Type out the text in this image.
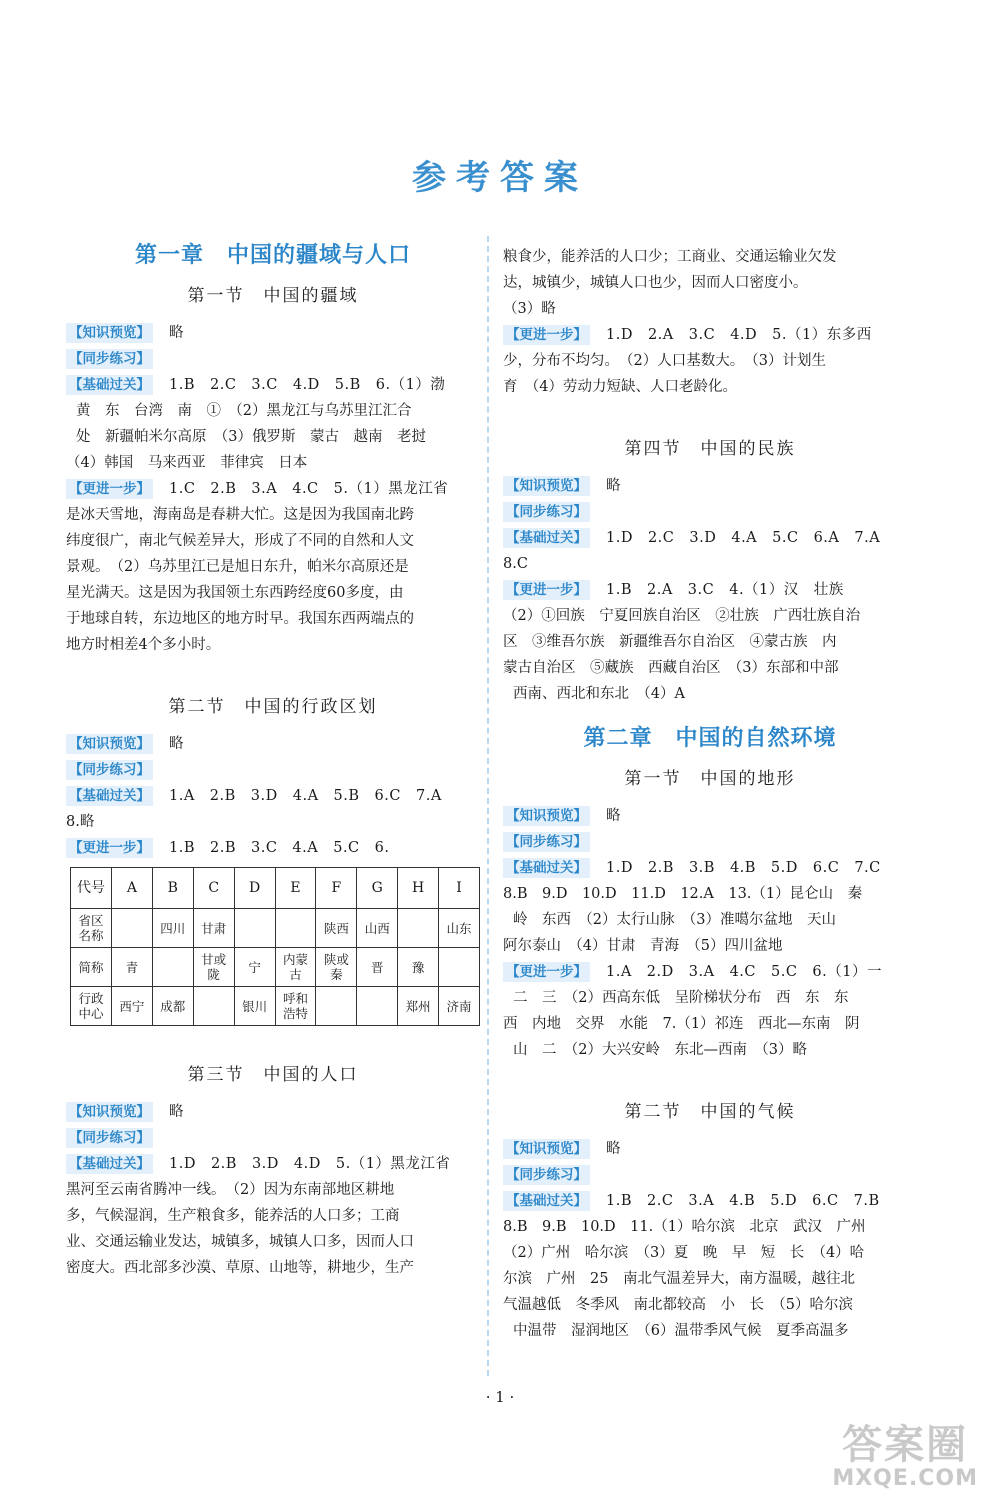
参考答案
第一章　中国的疆域与人口
第一节　中国的疆域
【知识预览】 略
【同步练习】
【基础过关】 1.B　2.C　3.C　4.D　5.B　6.（1）渤
黄　东　台湾　南　①　（2）黑龙江与乌苏里江汇合
处　新疆帕米尔高原　（3）俄罗斯　蒙古　越南　老挝
（4）韩国　马来西亚　菲律宾　日本
【更进一步】 1.C　2.B　3.A　4.C　5.（1）黑龙江省
是冰天雪地，海南岛是春耕大忙。这是因为我国南北跨
纬度很广，南北气候差异大，形成了不同的自然和人文
景观。　（2）乌苏里江已是旭日东升，帕米尔高原还是
星光满天。这是因为我国领土东西跨经度60多度，由
于地球自转，东边地区的地方时早。我国东西两端点的
地方时相差4个多小时。
第二节　中国的行政区划
【知识预览】 略
【同步练习】
【基础过关】 1.A　2.B　3.D　4.A　5.B　6.C　7.A
8.略
【更进一步】 1.B　2.B　3.C　4.A　5.C　6.
代号	A	B	C	D	E	F	G	H	I
省区名称		四川	甘肃			陕西	山西		山东
简称	青		甘或陇	宁	内蒙古	陕或秦	晋	豫	
行政中心	西宁	成都		银川	呼和浩特			郑州	济南
第三节　中国的人口
【知识预览】 略
【同步练习】
【基础过关】 1.D　2.B　3.D　4.D　5.（1）黑龙江省
黑河至云南省腾冲一线。　（2）因为东南部地区耕地
多，气候湿润，生产粮食多，能养活的人口多；工商
业、交通运输业发达，城镇多，城镇人口多，因而人口
密度大。西北部多沙漠、草原、山地等，耕地少，生产
粮食少，能养活的人口少；工商业、交通运输业欠发
达，城镇少，城镇人口也少，因而人口密度小。
（3）略
【更进一步】 1.D　2.A　3.C　4.D　5.（1）东多西
少，分布不均匀。　（2）人口基数大。　（3）计划生
育　（4）劳动力短缺、人口老龄化。
第四节　中国的民族
【知识预览】 略
【同步练习】
【基础过关】 1.D　2.C　3.D　4.A　5.C　6.A　7.A
8.C
【更进一步】 1.B　2.A　3.C　4.（1）汉　壮族
（2）①回族　宁夏回族自治区　②壮族　广西壮族自治
区　③维吾尔族　新疆维吾尔自治区　④蒙古族　内
蒙古自治区　⑤藏族　西藏自治区　（3）东部和中部
西南、西北和东北　（4）A
第二章　中国的自然环境
第一节　中国的地形
【知识预览】 略
【同步练习】
【基础过关】 1.D　2.B　3.B　4.B　5.D　6.C　7.C
8.B　9.D　10.D　11.D　12.A　13.（1）昆仑山　秦
岭　东西　（2）太行山脉　（3）准噶尔盆地　天山
阿尔泰山　（4）甘肃　青海　（5）四川盆地
【更进一步】 1.A　2.D　3.A　4.C　5.C　6.（1）一
二　三　（2）西高东低　呈阶梯状分布　西　东　东
西　内地　交界　水能　7.（1）祁连　西北—东南　阴
山　二　（2）大兴安岭　东北—西南　（3）略
第二节　中国的气候
【知识预览】 略
【同步练习】
【基础过关】 1.B　2.C　3.A　4.B　5.D　6.C　7.B
8.B　9.B　10.D　11.（1）哈尔滨　北京　武汉　广州
（2）广州　哈尔滨　（3）夏　晚　早　短　长　（4）哈
尔滨　广州　25　南北气温差异大，南方温暖，越往北
气温越低　冬季风　南北都较高　小　长　（5）哈尔滨
中温带　湿润地区　（6）温带季风气候　夏季高温多
· 1 ·
答案圈
MXQE.COM
